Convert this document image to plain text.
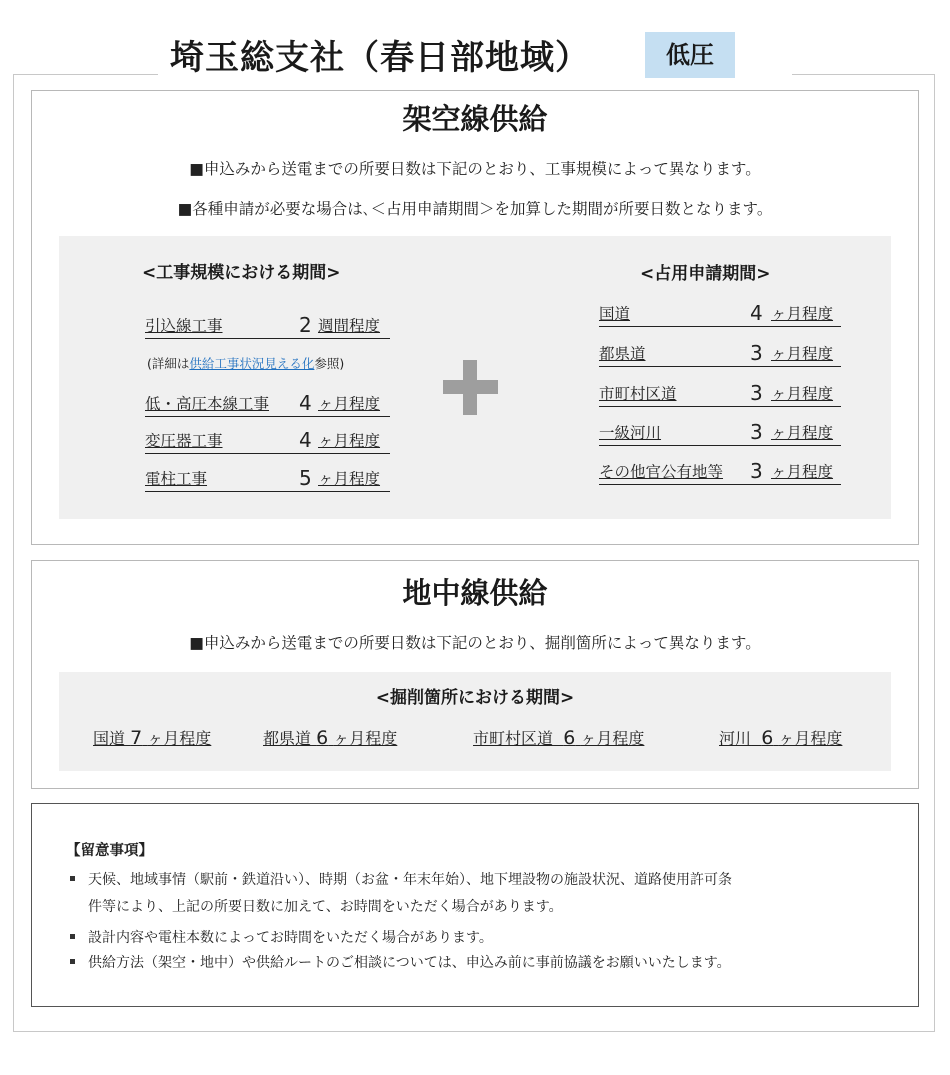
埼玉総支社（春日部地域）	低圧
架空線供給
■申込みから送電までの所要日数は下記のとおり、工事規模によって異なります。
■各種申請が必要な場合は､＜占用申請期間＞を加算した期間が所要日数となります。
<工事規模における期間>	<占用申請期間>
引込線工事	2 週間程度
(詳細は供給工事状況見える化参照)
低・高圧本線工事 4 ヶ月程度
変圧器工事	4 ヶ月程度
電柱工事	5 ヶ月程度
国道	4 ヶ月程度
都県道	3 ヶ月程度
市町村区道	3 ヶ月程度
一級河川	3 ヶ月程度
その他官公有地等 3 ヶ月程度
地中線供給
■申込みから送電までの所要日数は下記のとおり、掘削箇所によって異なります。
<掘削箇所における期間>
国道 7 ヶ月程度	都県道 6 ヶ月程度	市町村区道 6 ヶ月程度	河川 6 ヶ月程度
【留意事項】
天候、地域事情（駅前・鉄道沿い）、時期（お盆・年末年始）、地下埋設物の施設状況、道路使用許可条
件等により、上記の所要日数に加えて、お時間をいただく場合があります。
設計内容や電柱本数によってお時間をいただく場合があります。
供給方法（架空・地中）や供給ルートのご相談については、申込み前に事前協議をお願いいたします。
